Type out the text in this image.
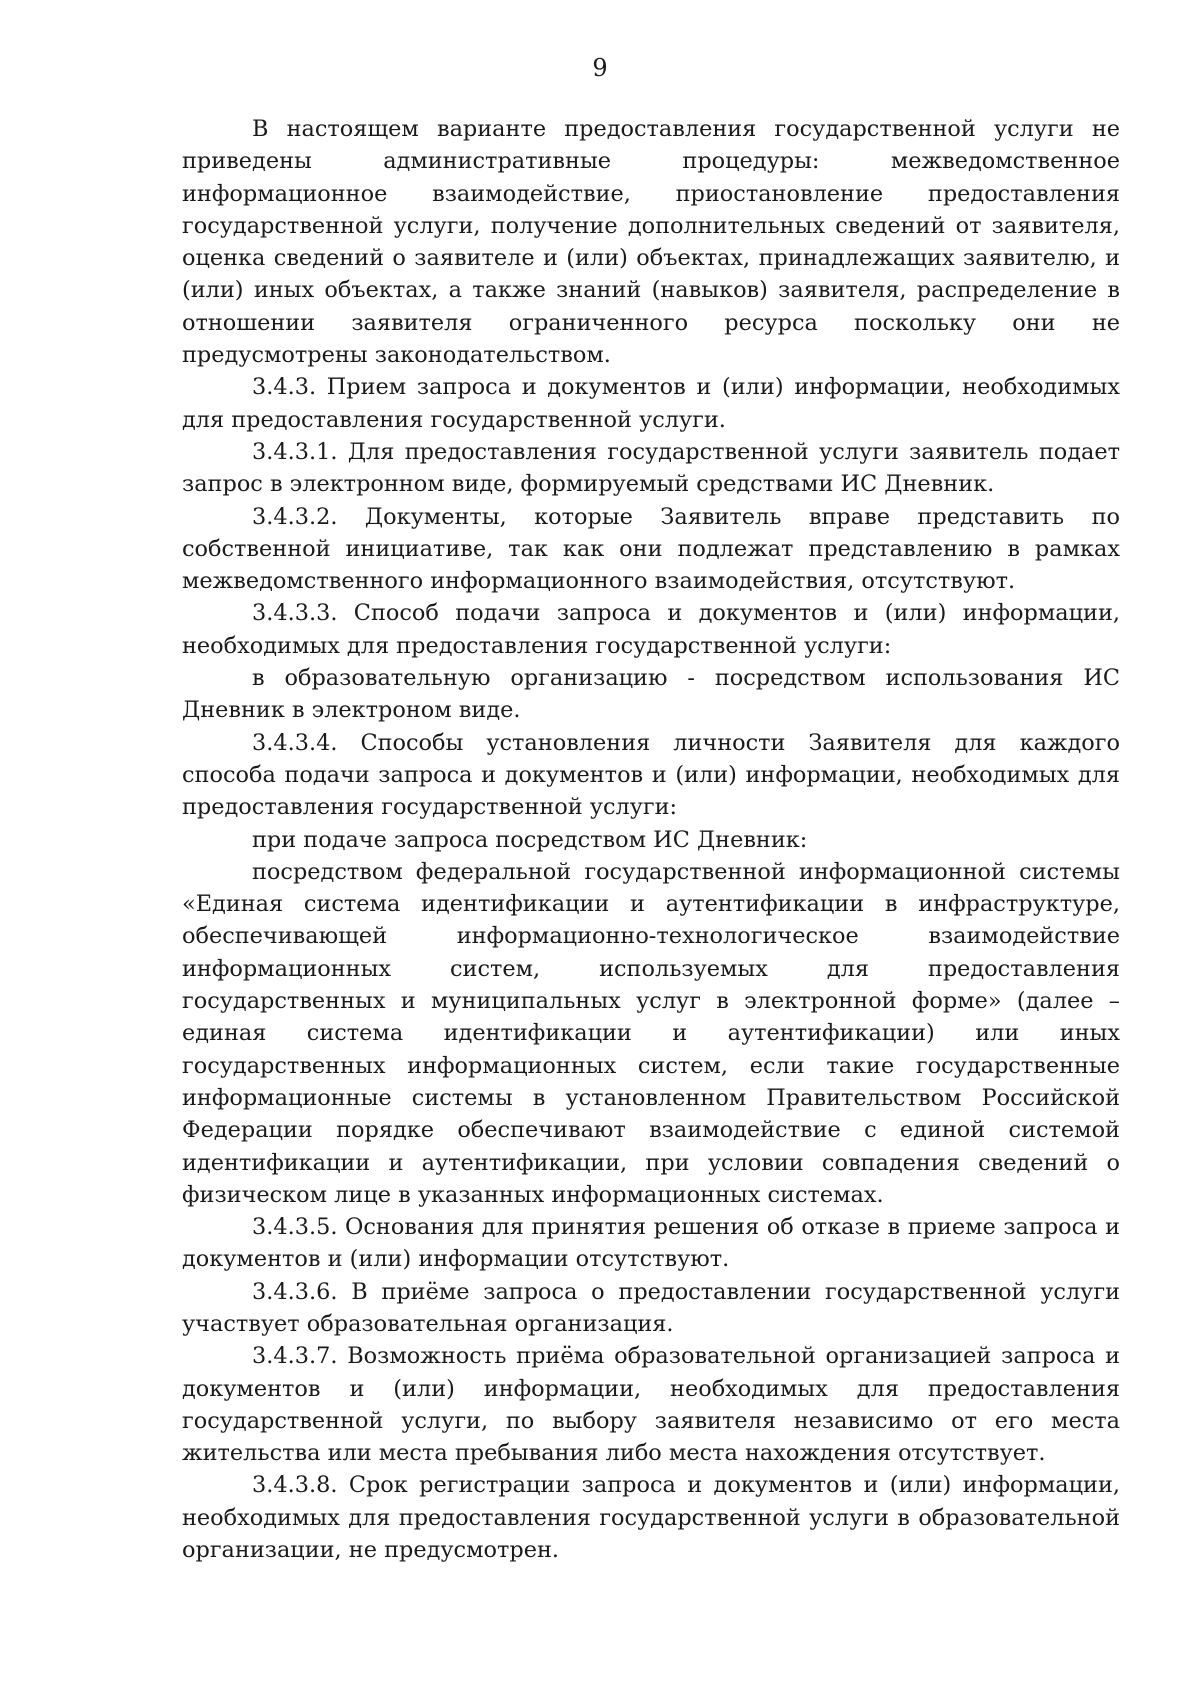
9

В настоящем варианте предоставления государственной услуги не приведены административные процедуры: межведомственное информационное взаимодействие, приостановление предоставления государственной услуги, получение дополнительных сведений от заявителя, оценка сведений о заявителе и (или) объектах, принадлежащих заявителю, и (или) иных объектах, а также знаний (навыков) заявителя, распределение в отношении заявителя ограниченного ресурса поскольку они не предусмотрены законодательством.

3.4.3. Прием запроса и документов и (или) информации, необходимых для предоставления государственной услуги.

3.4.3.1. Для предоставления государственной услуги заявитель подает запрос в электронном виде, формируемый средствами ИС Дневник.

3.4.3.2. Документы, которые Заявитель вправе представить по собственной инициативе, так как они подлежат представлению в рамках межведомственного информационного взаимодействия, отсутствуют.

3.4.3.3. Способ подачи запроса и документов и (или) информации, необходимых для предоставления государственной услуги:

в образовательную организацию - посредством использования ИС Дневник в электроном виде.

3.4.3.4. Способы установления личности Заявителя для каждого способа подачи запроса и документов и (или) информации, необходимых для предоставления государственной услуги:

при подаче запроса посредством ИС Дневник:

посредством федеральной государственной информационной системы «Единая система идентификации и аутентификации в инфраструктуре, обеспечивающей информационно-технологическое взаимодействие информационных систем, используемых для предоставления государственных и муниципальных услуг в электронной форме» (далее – единая система идентификации и аутентификации) или иных государственных информационных систем, если такие государственные информационные системы в установленном Правительством Российской Федерации порядке обеспечивают взаимодействие с единой системой идентификации и аутентификации, при условии совпадения сведений о физическом лице в указанных информационных системах.

3.4.3.5. Основания для принятия решения об отказе в приеме запроса и документов и (или) информации отсутствуют.

3.4.3.6. В приёме запроса о предоставлении государственной услуги участвует образовательная организация.

3.4.3.7. Возможность приёма образовательной организацией запроса и документов и (или) информации, необходимых для предоставления государственной услуги, по выбору заявителя независимо от его места жительства или места пребывания либо места нахождения отсутствует.

3.4.3.8. Срок регистрации запроса и документов и (или) информации, необходимых для предоставления государственной услуги в образовательной организации, не предусмотрен.
